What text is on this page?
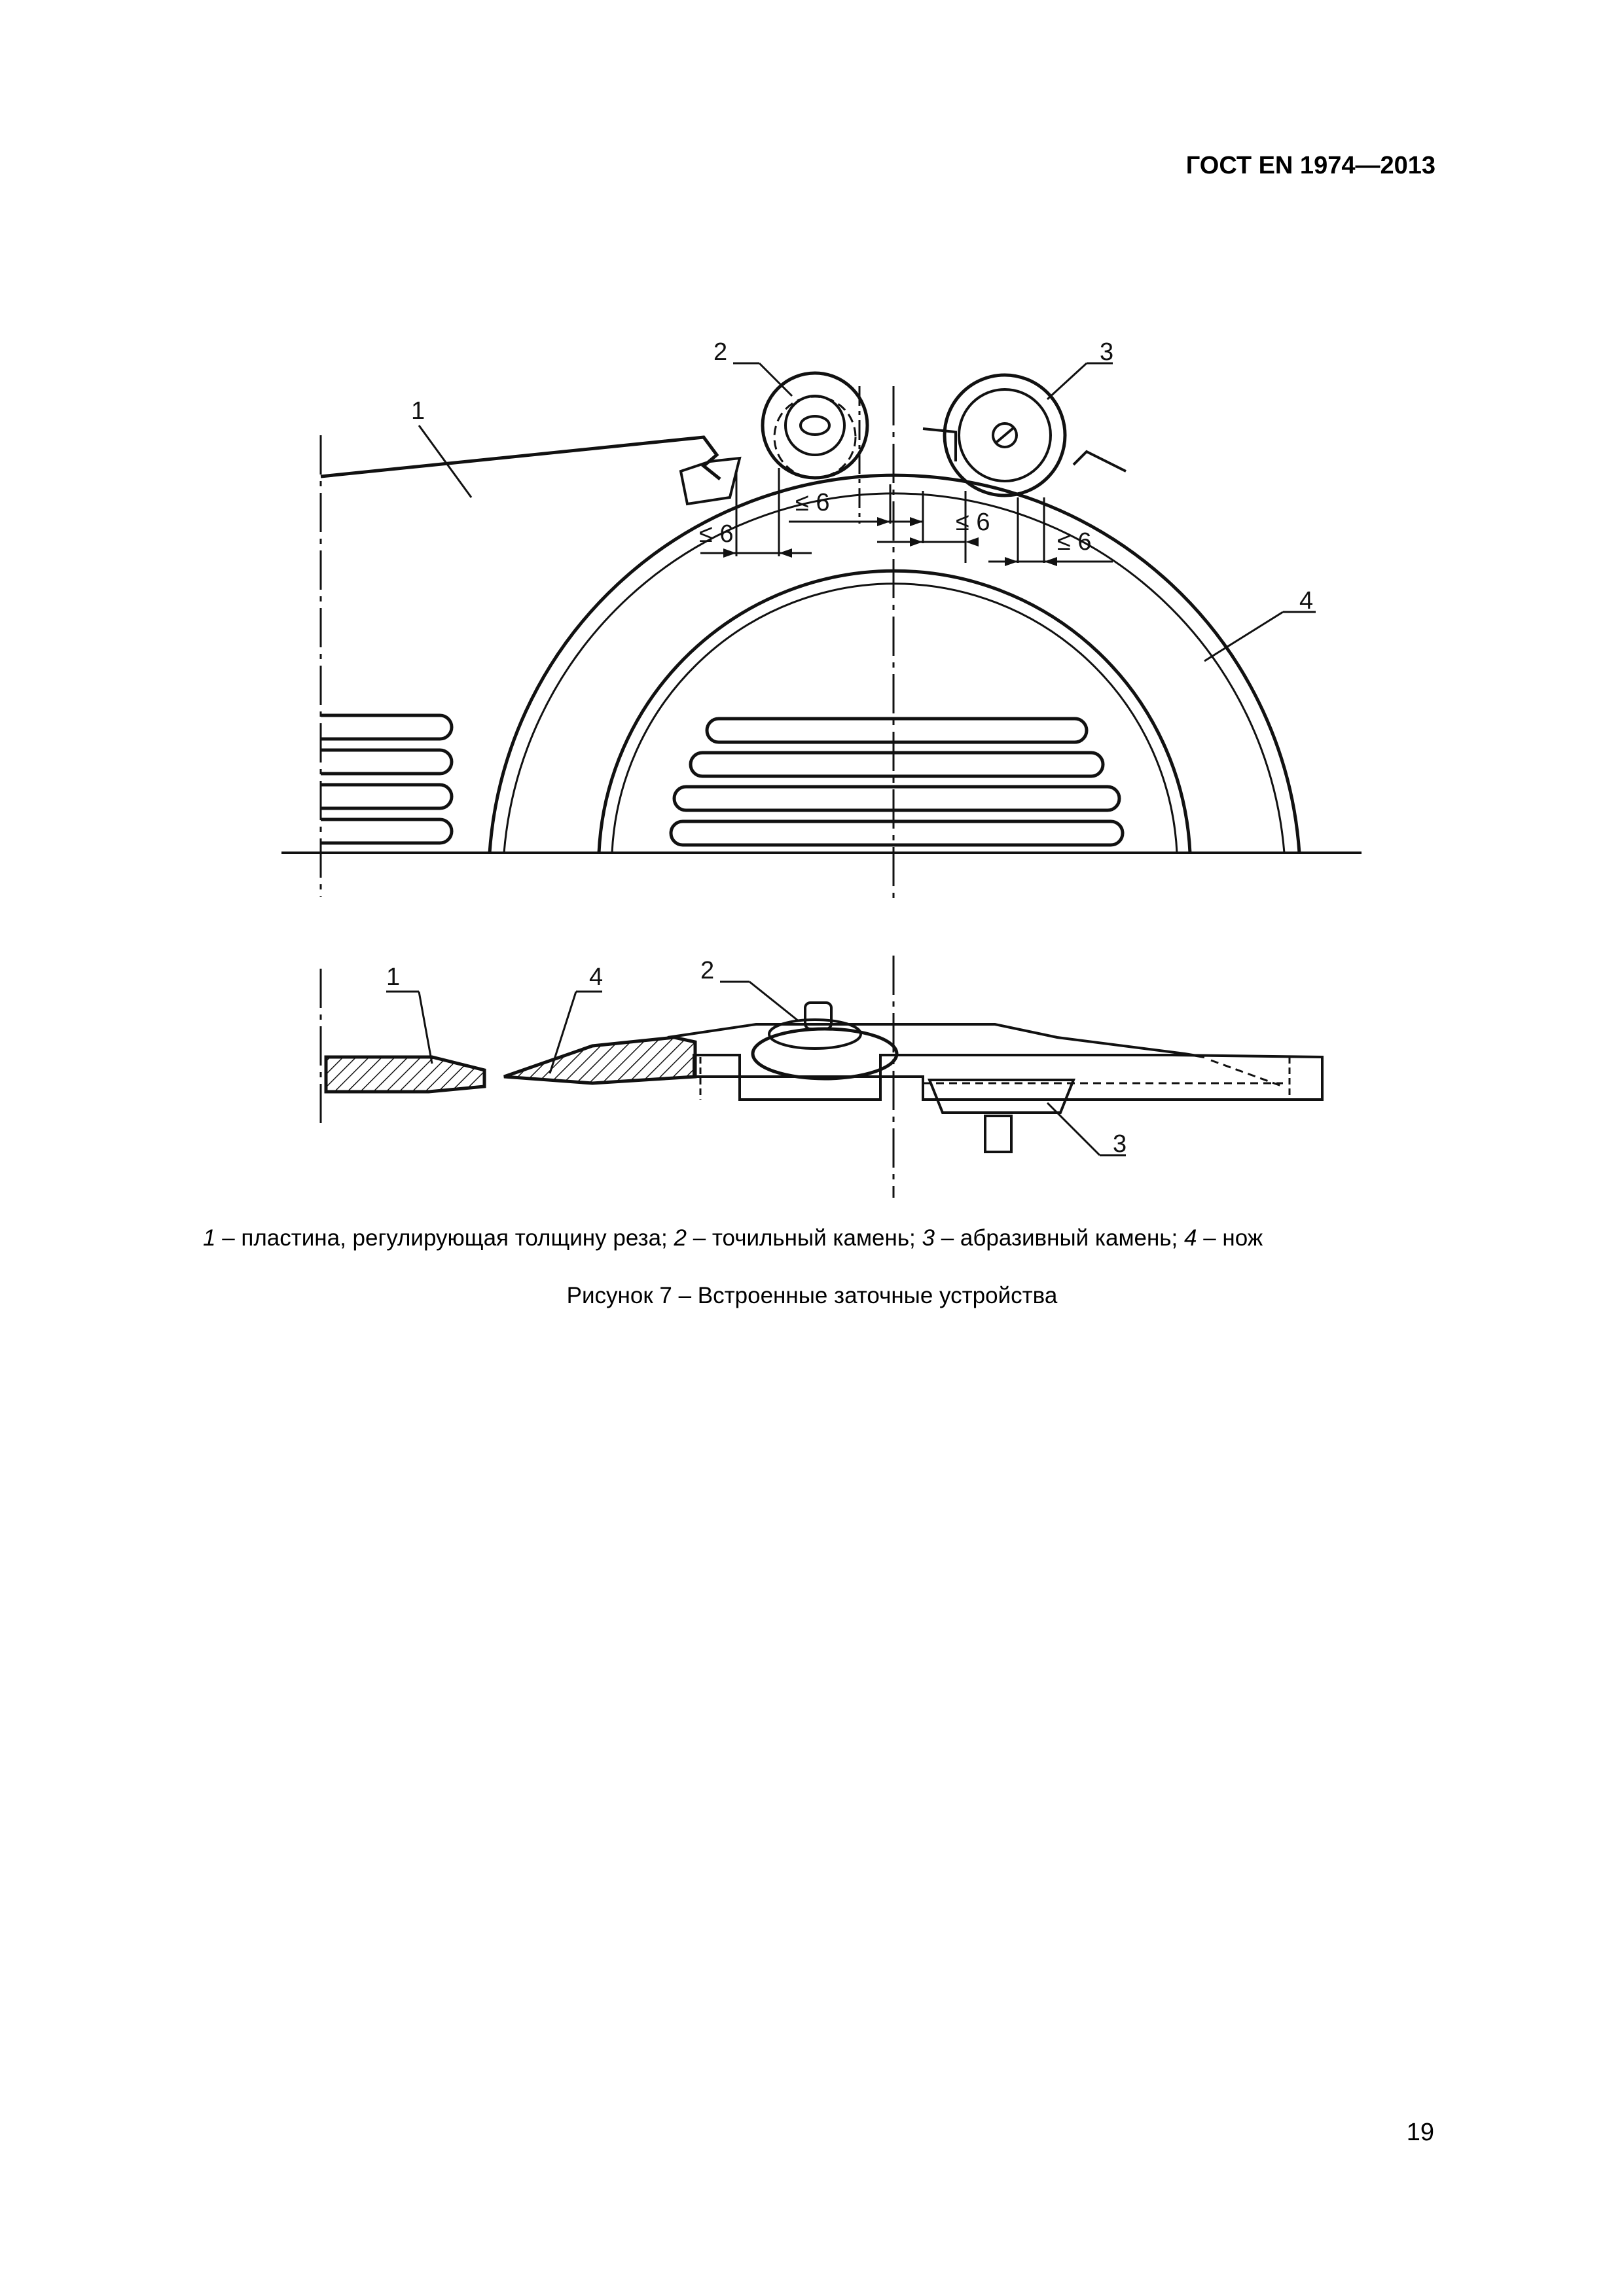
ГОСТ EN 1974—2013
1
2	3
4
≤ 6
≤ 6
≤ 6
≤ 6
1	4	2
3
1 – пластина, регулирующая толщину реза; 2 – точильный камень; 3 – абразивный камень; 4 – нож
Рисунок 7 – Встроенные заточные устройства
19
